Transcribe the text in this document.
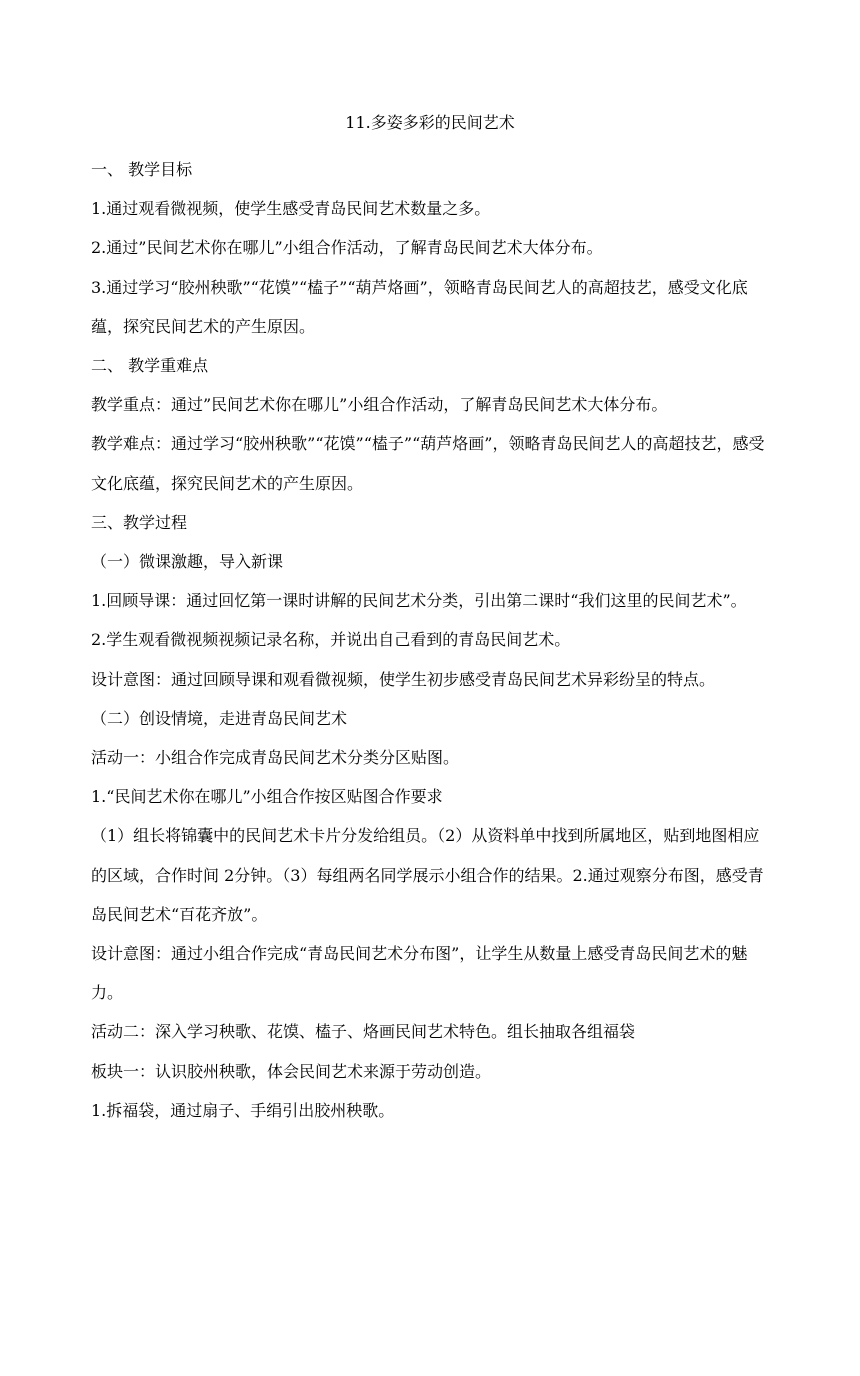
11.多姿多彩的民间艺术

一、 教学目标

1.通过观看微视频，使学生感受青岛民间艺术数量之多。

2.通过”民间艺术你在哪儿”小组合作活动，了解青岛民间艺术大体分布。

3.通过学习“胶州秧歌”“花馍”“榼子”“葫芦烙画”，领略青岛民间艺人的高超技艺，感受文化底蕴，探究民间艺术的产生原因。

二、 教学重难点

教学重点：通过”民间艺术你在哪儿”小组合作活动，了解青岛民间艺术大体分布。

教学难点：通过学习“胶州秧歌”“花馍”“榼子”“葫芦烙画”，领略青岛民间艺人的高超技艺，感受文化底蕴，探究民间艺术的产生原因。

三、教学过程

（一）微课激趣，导入新课

1.回顾导课：通过回忆第一课时讲解的民间艺术分类，引出第二课时“我们这里的民间艺术”。

2.学生观看微视频视频记录名称，并说出自己看到的青岛民间艺术。

设计意图：通过回顾导课和观看微视频，使学生初步感受青岛民间艺术异彩纷呈的特点。

（二）创设情境，走进青岛民间艺术

活动一：小组合作完成青岛民间艺术分类分区贴图。

1.“民间艺术你在哪儿”小组合作按区贴图合作要求

（1）组长将锦囊中的民间艺术卡片分发给组员。（2）从资料单中找到所属地区，贴到地图相应的区域，合作时间 2分钟。（3）每组两名同学展示小组合作的结果。2.通过观察分布图，感受青岛民间艺术“百花齐放”。

设计意图：通过小组合作完成“青岛民间艺术分布图”，让学生从数量上感受青岛民间艺术的魅力。

活动二：深入学习秧歌、花馍、榼子、烙画民间艺术特色。组长抽取各组福袋

板块一：认识胶州秧歌，体会民间艺术来源于劳动创造。

1.拆福袋，通过扇子、手绢引出胶州秧歌。
